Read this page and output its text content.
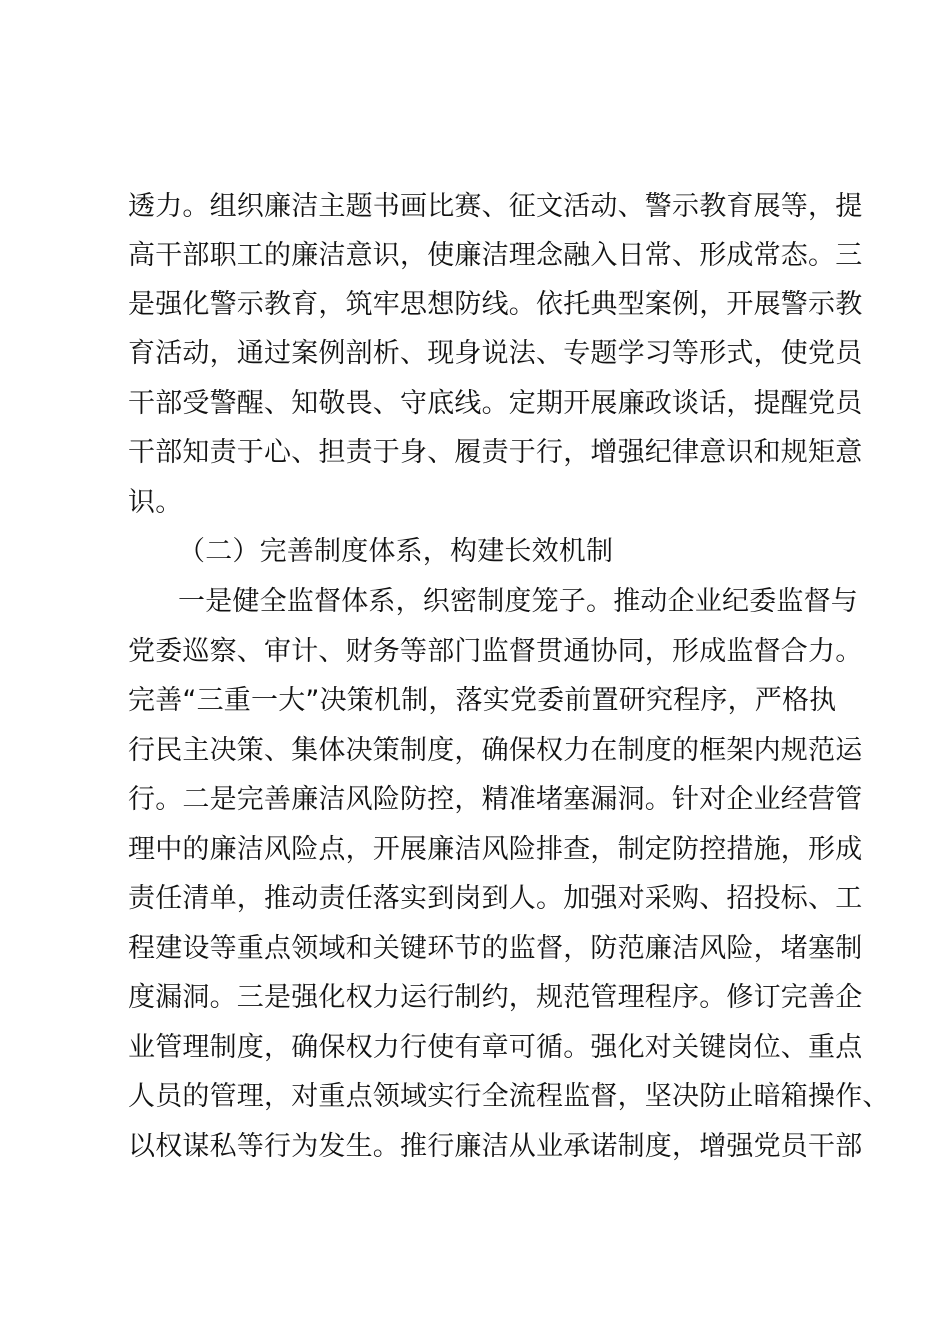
透力。组织廉洁主题书画比赛、征文活动、警示教育展等，提
高干部职工的廉洁意识，使廉洁理念融入日常、形成常态。三
是强化警示教育，筑牢思想防线。依托典型案例，开展警示教
育活动，通过案例剖析、现身说法、专题学习等形式，使党员
干部受警醒、知敬畏、守底线。定期开展廉政谈话，提醒党员
干部知责于心、担责于身、履责于行，增强纪律意识和规矩意
识。
（二）完善制度体系，构建长效机制
一是健全监督体系，织密制度笼子。推动企业纪委监督与
党委巡察、审计、财务等部门监督贯通协同，形成监督合力。
完善“三重一大”决策机制，落实党委前置研究程序，严格执
行民主决策、集体决策制度，确保权力在制度的框架内规范运
行。二是完善廉洁风险防控，精准堵塞漏洞。针对企业经营管
理中的廉洁风险点，开展廉洁风险排查，制定防控措施，形成
责任清单，推动责任落实到岗到人。加强对采购、招投标、工
程建设等重点领域和关键环节的监督，防范廉洁风险，堵塞制
度漏洞。三是强化权力运行制约，规范管理程序。修订完善企
业管理制度，确保权力行使有章可循。强化对关键岗位、重点
人员的管理，对重点领域实行全流程监督，坚决防止暗箱操作、
以权谋私等行为发生。推行廉洁从业承诺制度，增强党员干部
